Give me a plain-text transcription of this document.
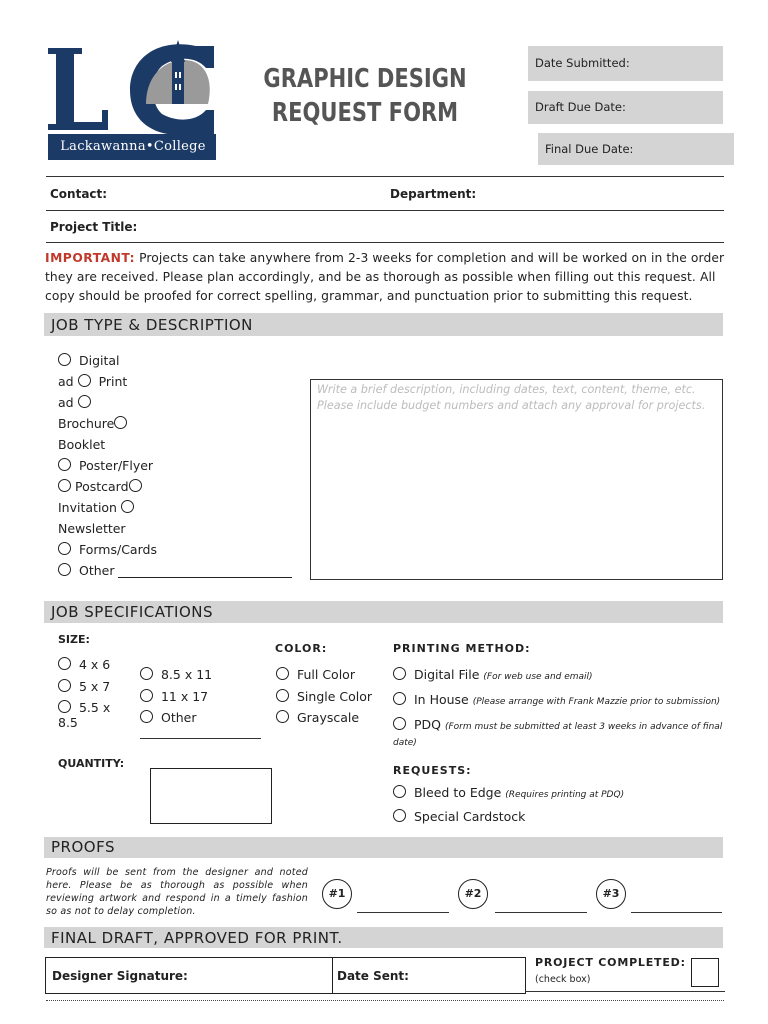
Lackawanna•College
GRAPHIC DESIGN
REQUEST FORM
Date Submitted:
Draft Due Date:
Final Due Date:
Contact:	Department:
Project Title:
IMPORTANT: Projects can take anywhere from 2-3 weeks for completion and will be worked on in the order they are received. Please plan accordingly, and be as thorough as possible when filling out this request. All copy should be proofed for correct spelling, grammar, and punctuation prior to submitting this request.
JOB TYPE & DESCRIPTION
Digital
ad Print
ad
Brochure
Booklet
Poster/Flyer
Postcard
Invitation
Newsletter
Forms/Cards
Other
Write a brief description, including dates, text, content, theme, etc. Please include budget numbers and attach any approval for projects.
JOB SPECIFICATIONS
SIZE:
4 x 6
5 x 7
5.5 x 8.5
8.5 x 11
11 x 17
Other
COLOR:
Full Color
Single Color
Grayscale
PRINTING METHOD:
Digital File (For web use and email)
In House (Please arrange with Frank Mazzie prior to submission)
PDQ (Form must be submitted at least 3 weeks in advance of final date)
QUANTITY:
REQUESTS:
Bleed to Edge (Requires printing at PDQ)
Special Cardstock
PROOFS
Proofs will be sent from the designer and noted here. Please be as thorough as possible when reviewing artwork and respond in a timely fashion so as not to delay completion.
#1	#2	#3
FINAL DRAFT, APPROVED FOR PRINT.
Designer Signature:	Date Sent:
PROJECT COMPLETED:
(check box)
